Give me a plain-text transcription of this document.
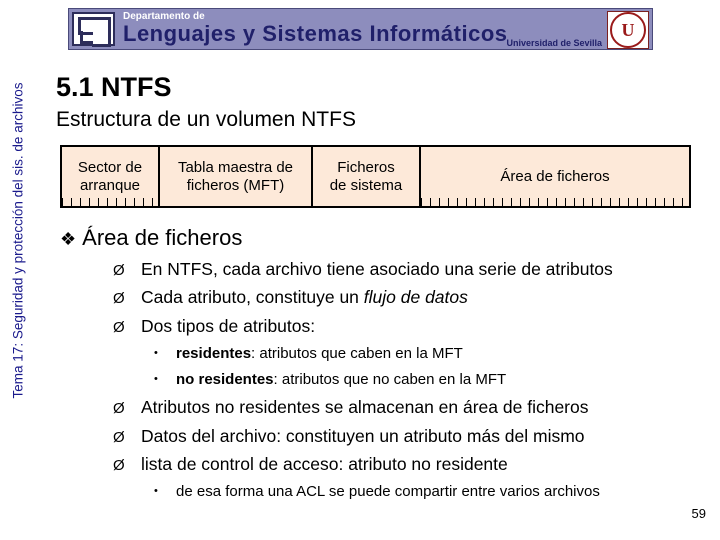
Tema 17: Seguridad y protección del sis. de archivos
Departamento de
Lenguajes y Sistemas Informáticos
Universidad de Sevilla
U
5.1 NTFS
Estructura de un volumen NTFS
Sector de
arranque
Tabla maestra de
ficheros (MFT)
Ficheros
de sistema
Área de ficheros
❖ Área de ficheros
Ø En NTFS, cada archivo tiene asociado una serie de atributos
Ø Cada atributo, constituye un flujo de datos
Ø Dos tipos de atributos:
• residentes: atributos que caben en la MFT
• no residentes: atributos que no caben en la MFT
Ø Atributos no residentes se almacenan en área de ficheros
Ø Datos del archivo: constituyen un atributo más del mismo
Ø lista de control de acceso: atributo no residente
• de esa forma una ACL se puede compartir entre varios archivos
59
